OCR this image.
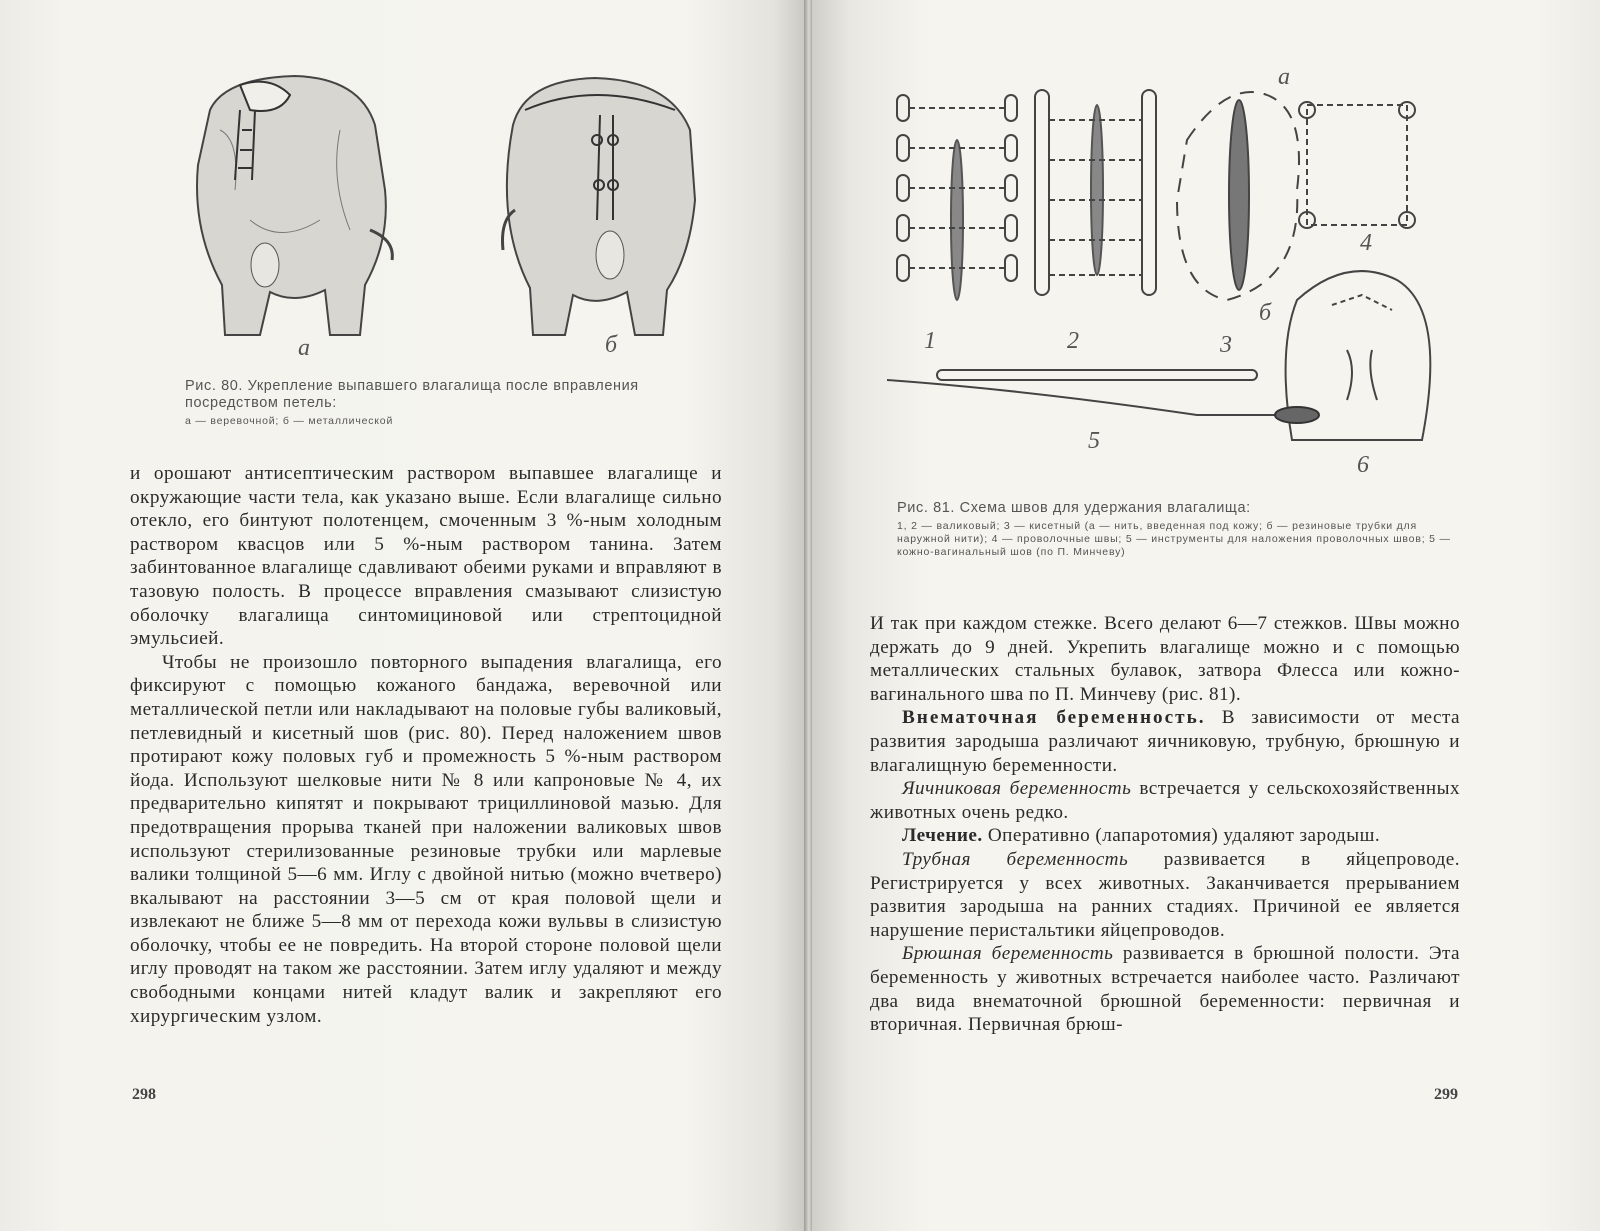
а	б
Рис. 80. Укрепление выпавшего влагалища после вправления посредством петель:
а — веревочной; б — металлической

и орошают антисептическим раствором выпавшее влагалище и окружающие части тела, как указано выше. Если влагалище сильно отекло, его бинтуют полотенцем, смоченным 3 %-ным холодным раствором квасцов или 5 %-ным раствором танина. Затем забинтованное влагалище сдавливают обеими руками и вправляют в тазовую полость. В процессе вправления смазывают слизистую оболочку влагалища синтомициновой или стрептоцидной эмульсией.

Чтобы не произошло повторного выпадения влагалища, его фиксируют с помощью кожаного бандажа, веревочной или металлической петли или накладывают на половые губы валиковый, петлевидный и кисетный шов (рис. 80). Перед наложением швов протирают кожу половых губ и промежность 5 %-ным раствором йода. Используют шелковые нити № 8 или капроновые № 4, их предварительно кипятят и покрывают трициллиновой мазью. Для предотвращения прорыва тканей при наложении валиковых швов используют стерилизованные резиновые трубки или марлевые валики толщиной 5—6 мм. Иглу с двойной нитью (можно вчетверо) вкалывают на расстоянии 3—5 см от края половой щели и извлекают не ближе 5—8 мм от перехода кожи вульвы в слизистую оболочку, чтобы ее не повредить. На второй стороне половой щели иглу проводят на таком же расстоянии. Затем иглу удаляют и между свободными концами нитей кладут валик и закрепляют его хирургическим узлом.

298
а
б
1	2	3
4
5
6
Рис. 81. Схема швов для удержания влагалища:
1, 2 — валиковый; 3 — кисетный (а — нить, введенная под кожу; б — резиновые трубки для наружной нити); 4 — проволочные швы; 5 — инструменты для наложения проволочных швов; 5 — кожно-вагинальный шов (по П. Минчеву)

И так при каждом стежке. Всего делают 6—7 стежков. Швы можно держать до 9 дней. Укрепить влагалище можно и с помощью металлических стальных булавок, затвора Флесса или кожно-вагинального шва по П. Минчеву (рис. 81).

Внематочная беременность. В зависимости от места развития зародыша различают яичниковую, трубную, брюшную и влагалищную беременности.

Яичниковая беременность встречается у сельскохозяйственных животных очень редко.

Лечение. Оперативно (лапаротомия) удаляют зародыш.

Трубная беременность развивается в яйцепроводе. Регистрируется у всех животных. Заканчивается прерыванием развития зародыша на ранних стадиях. Причиной ее является нарушение перистальтики яйцепроводов.

Брюшная беременность развивается в брюшной полости. Эта беременность у животных встречается наиболее часто. Различают два вида внематочной брюшной беременности: первичная и вторичная. Первичная брюш-

299
